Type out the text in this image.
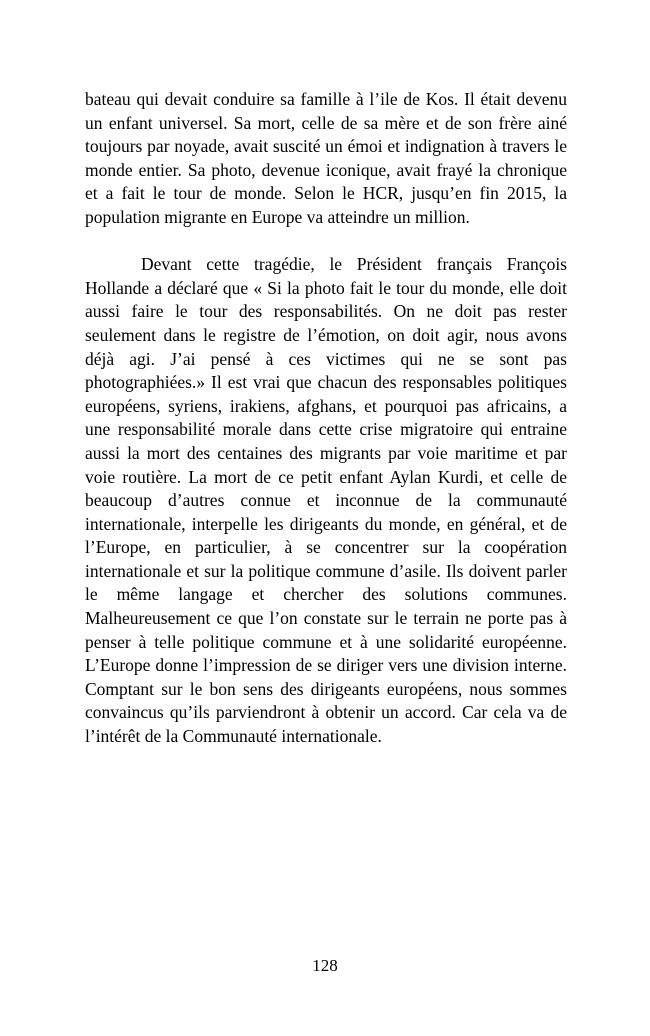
bateau qui devait conduire sa famille à l’ile de Kos. Il était devenu un enfant universel. Sa mort, celle de sa mère et de son frère ainé toujours par noyade, avait suscité un émoi et indignation à travers le monde entier. Sa photo, devenue iconique, avait frayé la chronique et a fait le tour de monde. Selon le HCR, jusqu’en fin 2015, la population migrante en Europe va atteindre un million.

Devant cette tragédie, le Président français François Hollande a déclaré que « Si la photo fait le tour du monde, elle doit aussi faire le tour des responsabilités. On ne doit pas rester seulement dans le registre de l’émotion, on doit agir, nous avons déjà agi. J’ai pensé à ces victimes qui ne se sont pas photographiées.» Il est vrai que chacun des responsables politiques européens, syriens, irakiens, afghans, et pourquoi pas africains, a une responsabilité morale dans cette crise migratoire qui entraine aussi la mort des centaines des migrants par voie maritime et par voie routière. La mort de ce petit enfant Aylan Kurdi, et celle de beaucoup d’autres connue et inconnue de la communauté internationale, interpelle les dirigeants du monde, en général, et de l’Europe, en particulier, à se concentrer sur la coopération internationale et sur la politique commune d’asile. Ils doivent parler le même langage et chercher des solutions communes. Malheureusement ce que l’on constate sur le terrain ne porte pas à penser à telle politique commune et à une solidarité européenne. L’Europe donne l’impression de se diriger vers une division interne. Comptant sur le bon sens des dirigeants européens, nous sommes convaincus qu’ils parviendront à obtenir un accord. Car cela va de l’intérêt de la Communauté internationale.

128
